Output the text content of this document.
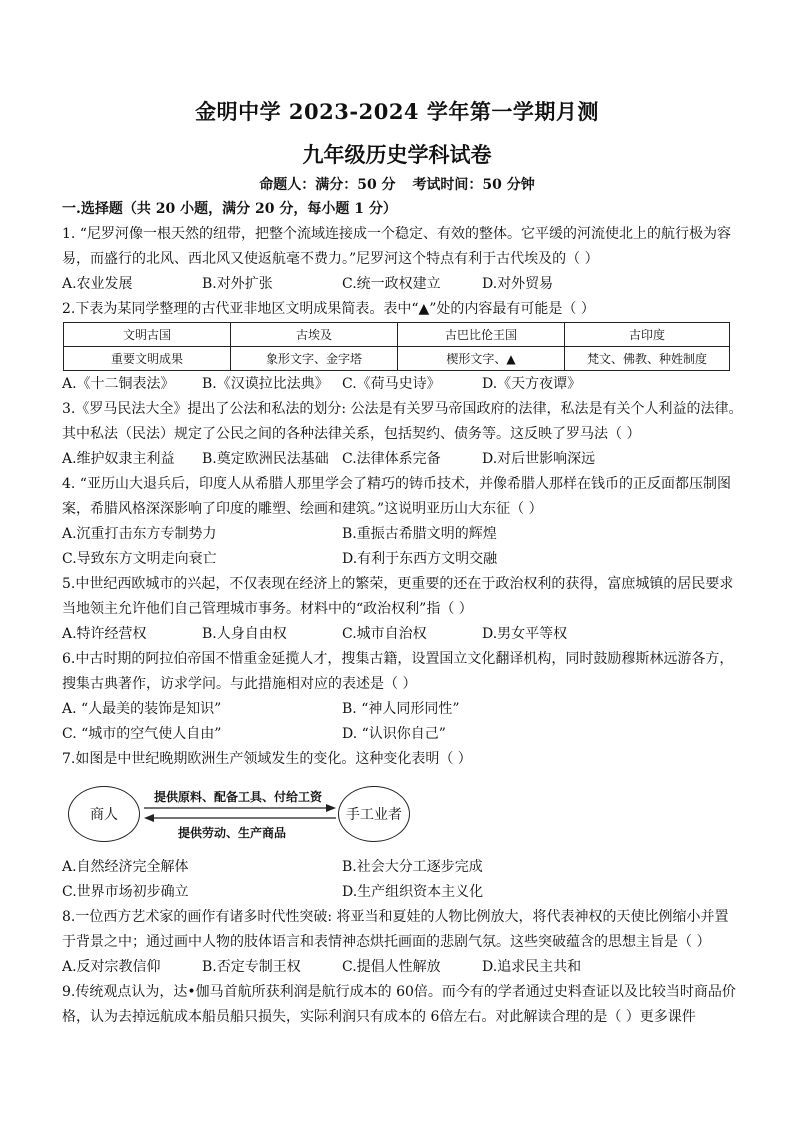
金明中学 2023-2024 学年第一学期月测
九年级历史学科试卷
命题人：满分：50 分 考试时间：50 分钟
一.选择题（共 20 小题，满分 20 分，每小题 1 分）
1. “尼罗河像一根天然的纽带，把整个流域连接成一个稳定、有效的整体。它平缓的河流使北上的航行极为容
易，而盛行的北风、西北风又使返航毫不费力。”尼罗河这个特点有利于古代埃及的（ ）
A.农业发展	B.对外扩张	C.统一政权建立	D.对外贸易
2.下表为某同学整理的古代亚非地区文明成果简表。表中“▲”处的内容最有可能是（ ）
文明古国	古埃及	古巴比伦王国	古印度
重要文明成果	象形文字、金字塔	楔形文字、▲	梵文、佛教、种姓制度
A.《十二铜表法》 B.《汉谟拉比法典》 C.《荷马史诗》	D.《天方夜谭》
3.《罗马民法大全》提出了公法和私法的划分: 公法是有关罗马帝国政府的法律，私法是有关个人利益的法律。
其中私法（民法）规定了公民之间的各种法律关系，包括契约、债务等。这反映了罗马法（ ）
A.维护奴隶主利益 B.奠定欧洲民法基础 C.法律体系完备	D.对后世影响深远
4. “亚历山大退兵后，印度人从希腊人那里学会了精巧的铸币技术，并像希腊人那样在钱币的正反面都压制图
案，希腊风格深深影响了印度的雕塑、绘画和建筑。”这说明亚历山大东征（ ）
A.沉重打击东方专制势力	B.重振古希腊文明的辉煌
C.导致东方文明走向衰亡	D.有利于东西方文明交融
5.中世纪西欧城市的兴起，不仅表现在经济上的繁荣，更重要的还在于政治权利的获得，富庶城镇的居民要求
当地领主允许他们自己管理城市事务。材料中的“政治权利”指（ ）
A.特许经营权	B.人身自由权	C.城市自治权	D.男女平等权
6.中古时期的阿拉伯帝国不惜重金延揽人才，搜集古籍，设置国立文化翻译机构，同时鼓励穆斯林远游各方，
搜集古典著作，访求学问。与此措施相对应的表述是（ ）
A. “人最美的装饰是知识”	B. “神人同形同性”
C. “城市的空气使人自由”	D. “认识你自己”
7.如图是中世纪晚期欧洲生产领域发生的变化。这种变化表明（ ）
商人	手工业者
提供原料、配备工具、付给工资
提供劳动、生产商品
A.自然经济完全解体	B.社会大分工逐步完成
C.世界市场初步确立	D.生产组织资本主义化
8.一位西方艺术家的画作有诸多时代性突破: 将亚当和夏娃的人物比例放大，将代表神权的天使比例缩小并置
于背景之中；通过画中人物的肢体语言和表情神态烘托画面的悲剧气氛。这些突破蕴含的思想主旨是（ ）
A.反对宗教信仰	B.否定专制王权	C.提倡人性解放	D.追求民主共和
9.传统观点认为，达•伽马首航所获利润是航行成本的 60倍。而今有的学者通过史料查证以及比较当时商品价
格，认为去掉远航成本船员船只损失，实际利润只有成本的 6倍左右。对此解读合理的是（ ）更多课件
